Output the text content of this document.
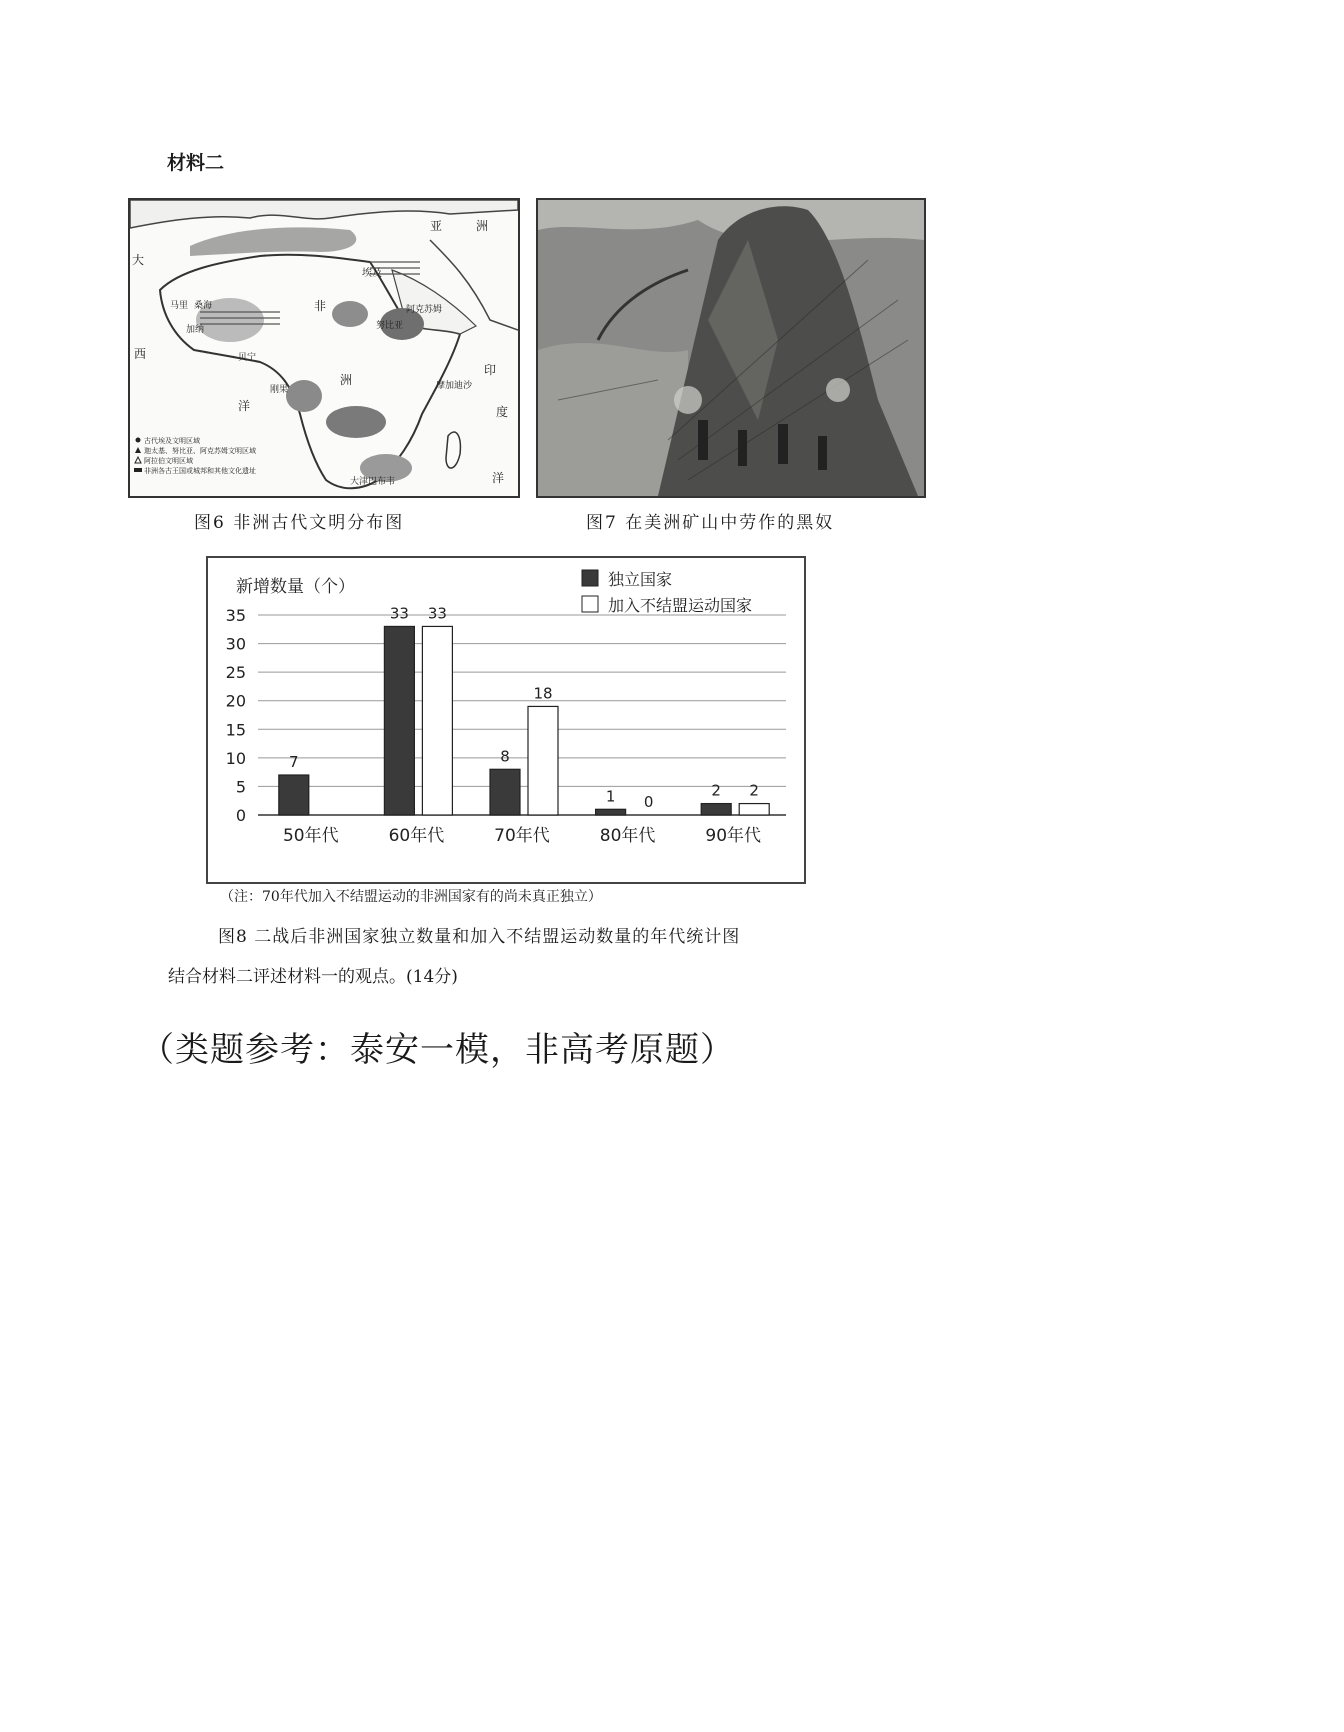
材料二
古代埃及文明区域
迦太基、努比亚、阿克苏姆文明区域
阿拉伯文明区域
非洲各古王国或城邦和其他文化遗址
大
西
洋
亚	洲
非
洲
埃及
加纳
马里 桑海
贝宁
刚果	摩加迪沙
大津巴布韦
印
度
洋
努比亚
阿克苏姆
图6 非洲古代文明分布图	图7 在美洲矿山中劳作的黑奴
新增数量（个）	独立国家
加入不结盟运动国家
0
5
10
15
20
25
30
35
7
33 33
8
18
1 0
2 2
50年代	60年代	70年代	80年代	90年代
（注：70年代加入不结盟运动的非洲国家有的尚未真正独立）
图8 二战后非洲国家独立数量和加入不结盟运动数量的年代统计图
结合材料二评述材料一的观点。(14分)
（类题参考：泰安一模，非高考原题）
